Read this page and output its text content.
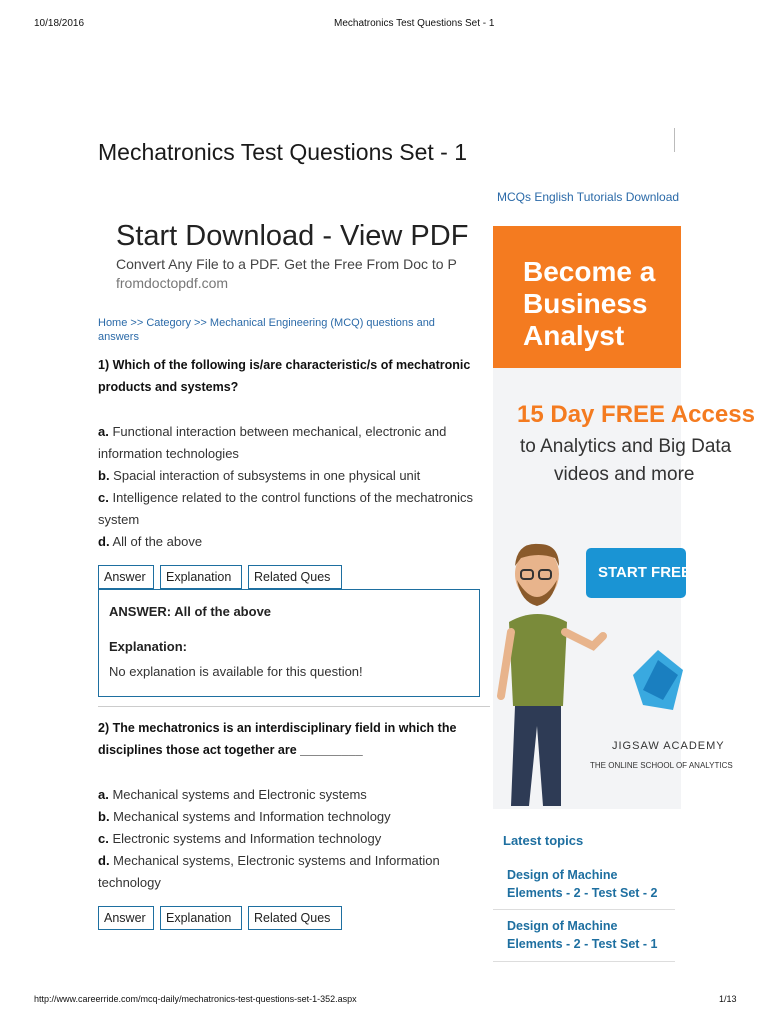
10/18/2016	Mechatronics Test Questions Set - 1
Mechatronics Test Questions Set - 1
Start Download - View PDF
Convert Any File to a PDF. Get the Free From Doc to P
fromdoctopdf.com
Home >> Category >> Mechanical Engineering (MCQ) questions and answers
1) Which of the following is/are characteristic/s of mechatronic products and systems?
a. Functional interaction between mechanical, electronic and information technologies
b. Spacial interaction of subsystems in one physical unit
c. Intelligence related to the control functions of the mechatronics system
d. All of the above
Answer	Explanation	Related Ques
ANSWER: All of the above
Explanation:
No explanation is available for this question!
2) The mechatronics is an interdisciplinary field in which the disciplines those act together are _________
a. Mechanical systems and Electronic systems
b. Mechanical systems and Information technology
c. Electronic systems and Information technology
d. Mechanical systems, Electronic systems and Information technology
Answer	Explanation	Related Ques
MCQs English Tutorials Download
Become a Business Analyst
15 Day FREE Access
to Analytics and Big Data
videos and more
START FREE
JIGSAW ACADEMY
THE ONLINE SCHOOL OF ANALYTICS
Latest topics
Design of Machine Elements - 2 - Test Set - 2
Design of Machine Elements - 2 - Test Set - 1
http://www.careerride.com/mcq-daily/mechatronics-test-questions-set-1-352.aspx	1/13
